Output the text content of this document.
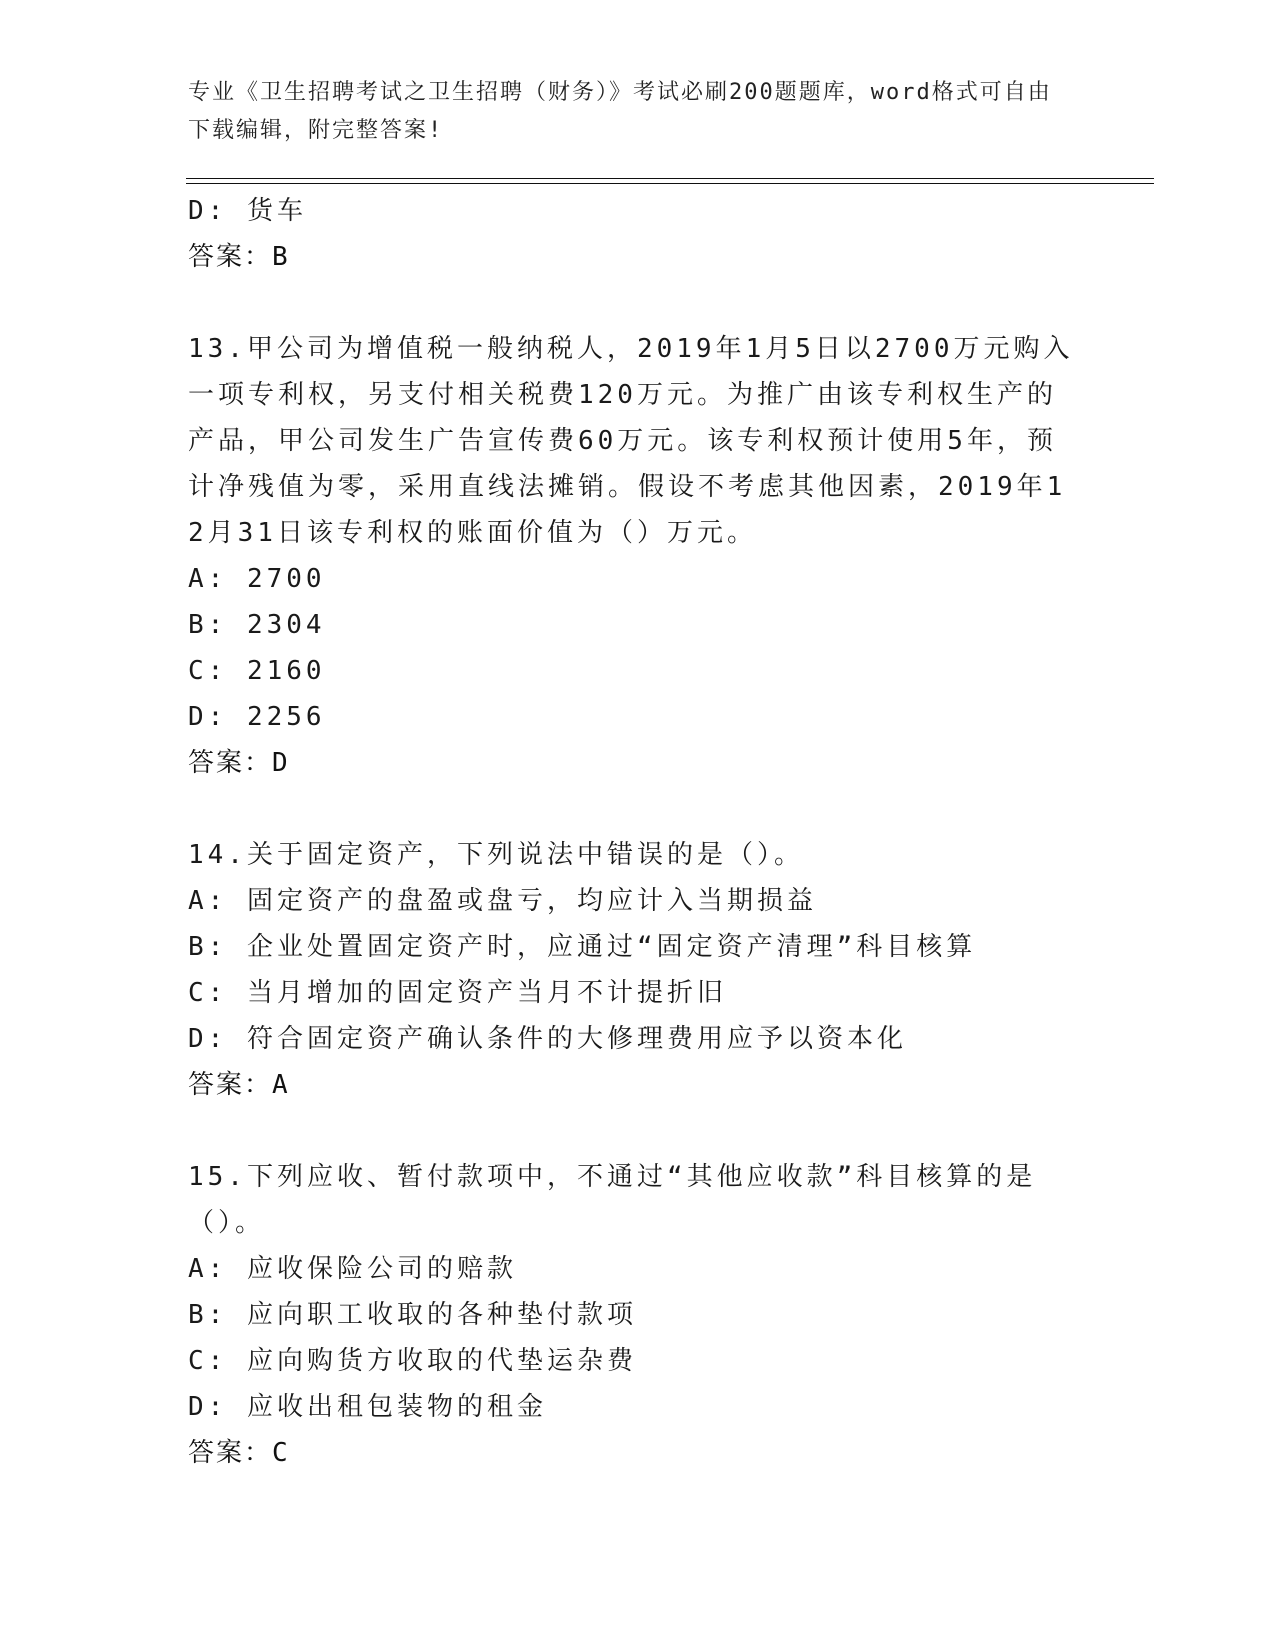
专业《卫生招聘考试之卫生招聘（财务）》考试必刷200题题库，word格式可自由下载编辑，附完整答案!
D: 货车
答案：B
13.甲公司为增值税一般纳税人，2019年1月5日以2700万元购入一项专利权，另支付相关税费120万元。为推广由该专利权生产的产品，甲公司发生广告宣传费60万元。该专利权预计使用5年，预计净残值为零，采用直线法摊销。假设不考虑其他因素，2019年12月31日该专利权的账面价值为（）万元。
A: 2700
B: 2304
C: 2160
D: 2256
答案：D
14.关于固定资产，下列说法中错误的是（）。
A: 固定资产的盘盈或盘亏，均应计入当期损益
B: 企业处置固定资产时，应通过“固定资产清理”科目核算
C: 当月增加的固定资产当月不计提折旧
D: 符合固定资产确认条件的大修理费用应予以资本化
答案：A
15.下列应收、暂付款项中，不通过“其他应收款”科目核算的是（）。
A: 应收保险公司的赔款
B: 应向职工收取的各种垫付款项
C: 应向购货方收取的代垫运杂费
D: 应收出租包装物的租金
答案：C
